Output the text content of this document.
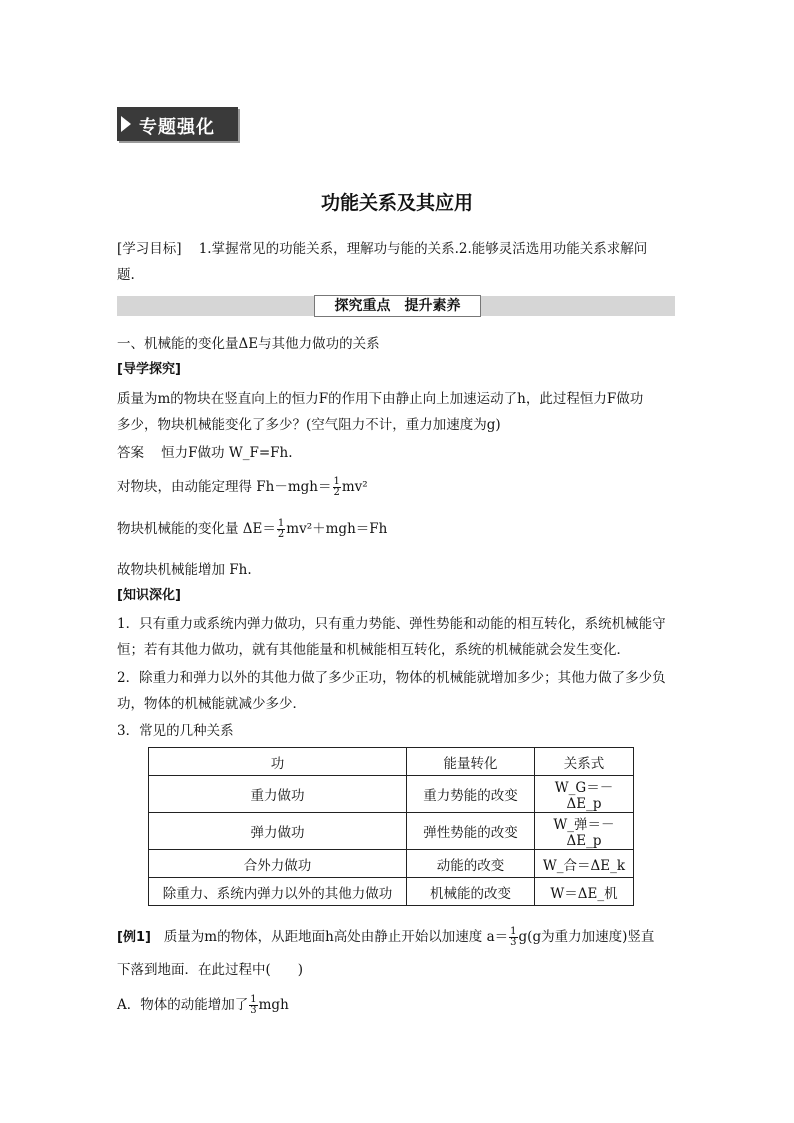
专题强化
功能关系及其应用
[学习目标] 1.掌握常见的功能关系，理解功与能的关系.2.能够灵活选用功能关系求解问
题.
探究重点　提升素养
一、机械能的变化量ΔE与其他力做功的关系
[导学探究]
质量为m的物块在竖直向上的恒力F的作用下由静止向上加速运动了h，此过程恒力F做功
多少，物块机械能变化了多少？(空气阻力不计，重力加速度为g)
答案 恒力F做功 W_F=Fh.
对物块，由动能定理得 $Fh-mgh= \frac{1}{2} mv^2$
物块机械能的变化量 $\Delta E= \frac{1}{2} mv^2+mgh=Fh$
故物块机械能增加 Fh.
[知识深化]
1．只有重力或系统内弹力做功，只有重力势能、弹性势能和动能的相互转化，系统机械能守
恒；若有其他力做功，就有其他能量和机械能相互转化，系统的机械能就会发生变化．
2．除重力和弹力以外的其他力做了多少正功，物体的机械能就增加多少；其他力做了多少负
功，物体的机械能就减少多少．
3．常见的几种关系
功	能量转化	关系式
重力做功	重力势能的改变	W_G＝－ΔE_p
弹力做功	弹性势能的改变	W_弹＝－ΔE_p
合外力做功	动能的改变	W_合＝ΔE_k
除重力、系统内弹力以外的其他力做功	机械能的改变	W＝ΔE_机
[例1] 质量为m的物体，从距地面h高处由静止开始以加速度 $a= \frac{1}{3} g(g$为重力加速度)竖直
下落到地面．在此过程中(　　)
A．物体的动能增加了 $\frac{1}{3}$ mgh
